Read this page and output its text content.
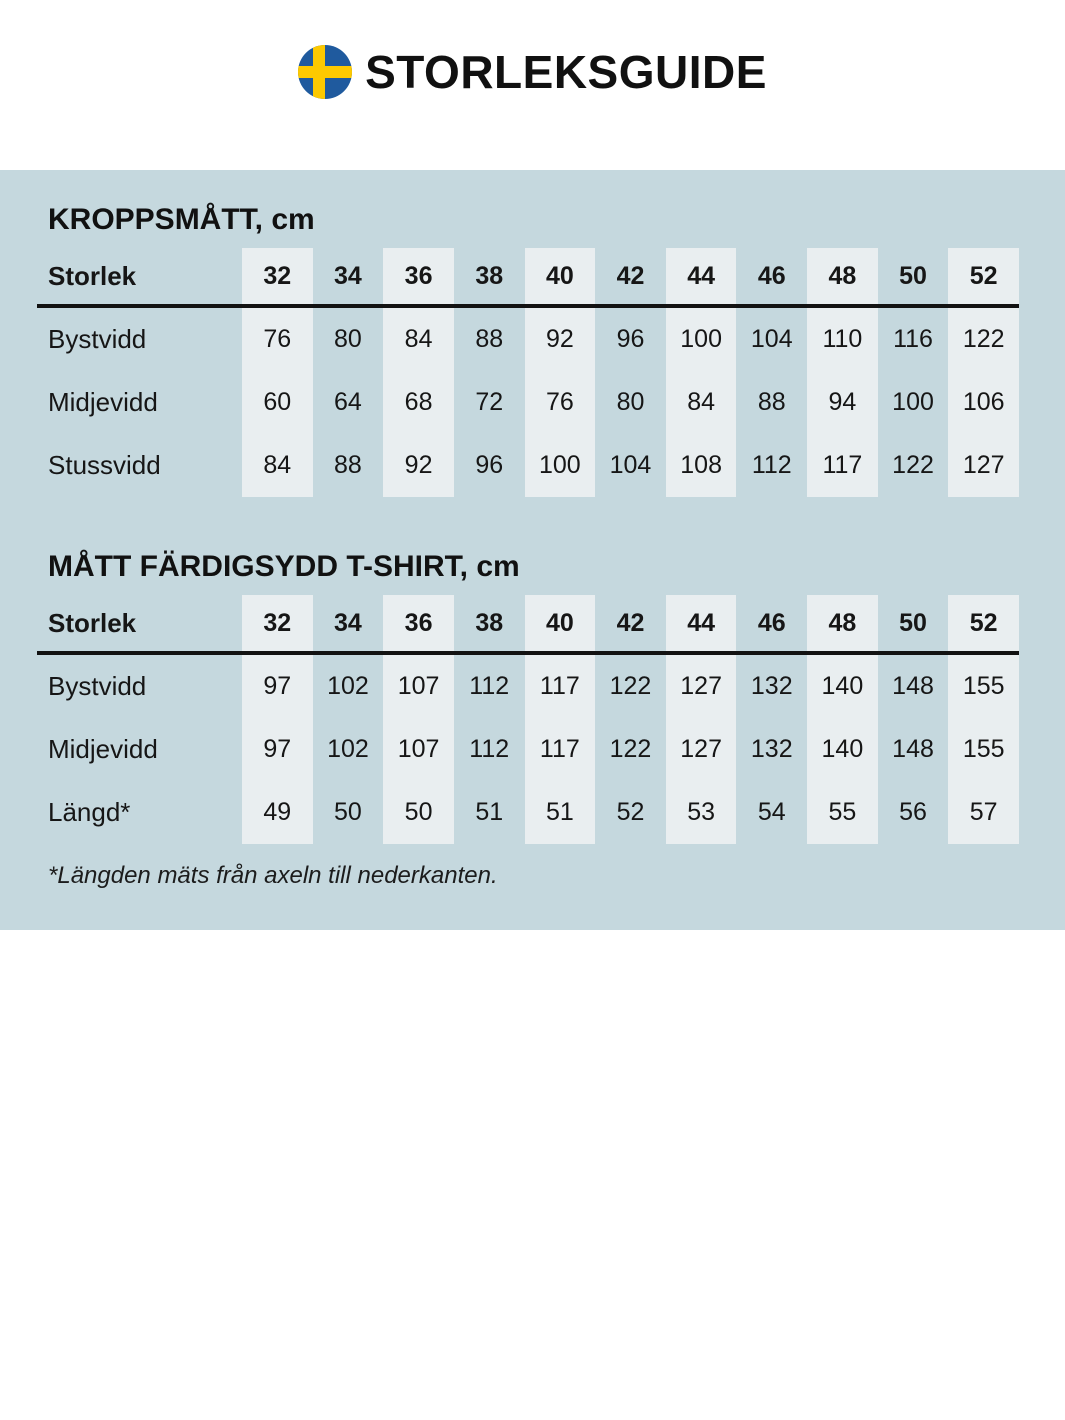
STORLEKSGUIDE
KROPPSMÅTT, cm
Storlek	32	34	36	38	40	42	44	46	48	50	52
Bystvidd	76	80	84	88	92	96	100	104	110	116	122
Midjevidd	60	64	68	72	76	80	84	88	94	100	106
Stussvidd	84	88	92	96	100	104	108	112	117	122	127
MÅTT FÄRDIGSYDD T-SHIRT, cm
Storlek	32	34	36	38	40	42	44	46	48	50	52
Bystvidd	97	102	107	112	117	122	127	132	140	148	155
Midjevidd	97	102	107	112	117	122	127	132	140	148	155
Längd*	49	50	50	51	51	52	53	54	55	56	57

*Längden mäts från axeln till nederkanten.
